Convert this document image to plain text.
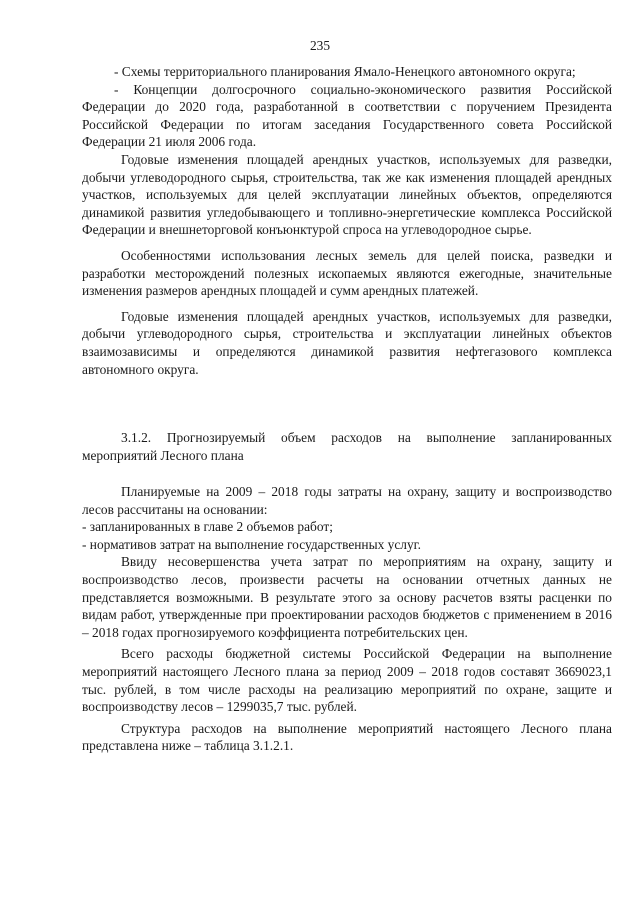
235

- Схемы территориального планирования Ямало-Ненецкого автономного округа;

- Концепции долгосрочного социально-экономического развития Российской Федерации до 2020 года, разработанной в соответствии с поручением Президента Российской Федерации по итогам заседания Государственного совета Российской Федерации 21 июля 2006 года.

Годовые изменения площадей арендных участков, используемых для разведки, добычи углеводородного сырья, строительства, так же как изменения площадей арендных участков, используемых для целей эксплуатации линейных объектов, определяются динамикой развития угледобывающего и топливно-энергетические комплекса Российской Федерации и внешнеторговой конъюнктурой спроса на углеводородное сырье.

Особенностями использования лесных земель для целей поиска, разведки и разработки месторождений полезных ископаемых являются ежегодные, значительные изменения размеров арендных площадей и сумм арендных платежей.

Годовые изменения площадей арендных участков, используемых для разведки, добычи углеводородного сырья, строительства и эксплуатации линейных объектов взаимозависимы и определяются динамикой развития нефтегазового комплекса автономного округа.

3.1.2. Прогнозируемый объем расходов на выполнение запланированных мероприятий Лесного плана

Планируемые на 2009 – 2018 годы затраты на охрану, защиту и воспроизводство лесов рассчитаны на основании:

- запланированных в главе 2 объемов работ;

- нормативов затрат на выполнение государственных услуг.

Ввиду несовершенства учета затрат по мероприятиям на охрану, защиту и воспроизводство лесов, произвести расчеты на основании отчетных данных не представляется возможными. В результате этого за основу расчетов взяты расценки по видам работ, утвержденные при проектировании расходов бюджетов с применением в 2016 – 2018 годах прогнозируемого коэффициента потребительских цен.

Всего расходы бюджетной системы Российской Федерации на выполнение мероприятий настоящего Лесного плана за период 2009 – 2018 годов составят 3669023,1 тыс. рублей, в том числе расходы на реализацию мероприятий по охране, защите и воспроизводству лесов – 1299035,7 тыс. рублей.

Структура расходов на выполнение мероприятий настоящего Лесного плана представлена ниже – таблица 3.1.2.1.
